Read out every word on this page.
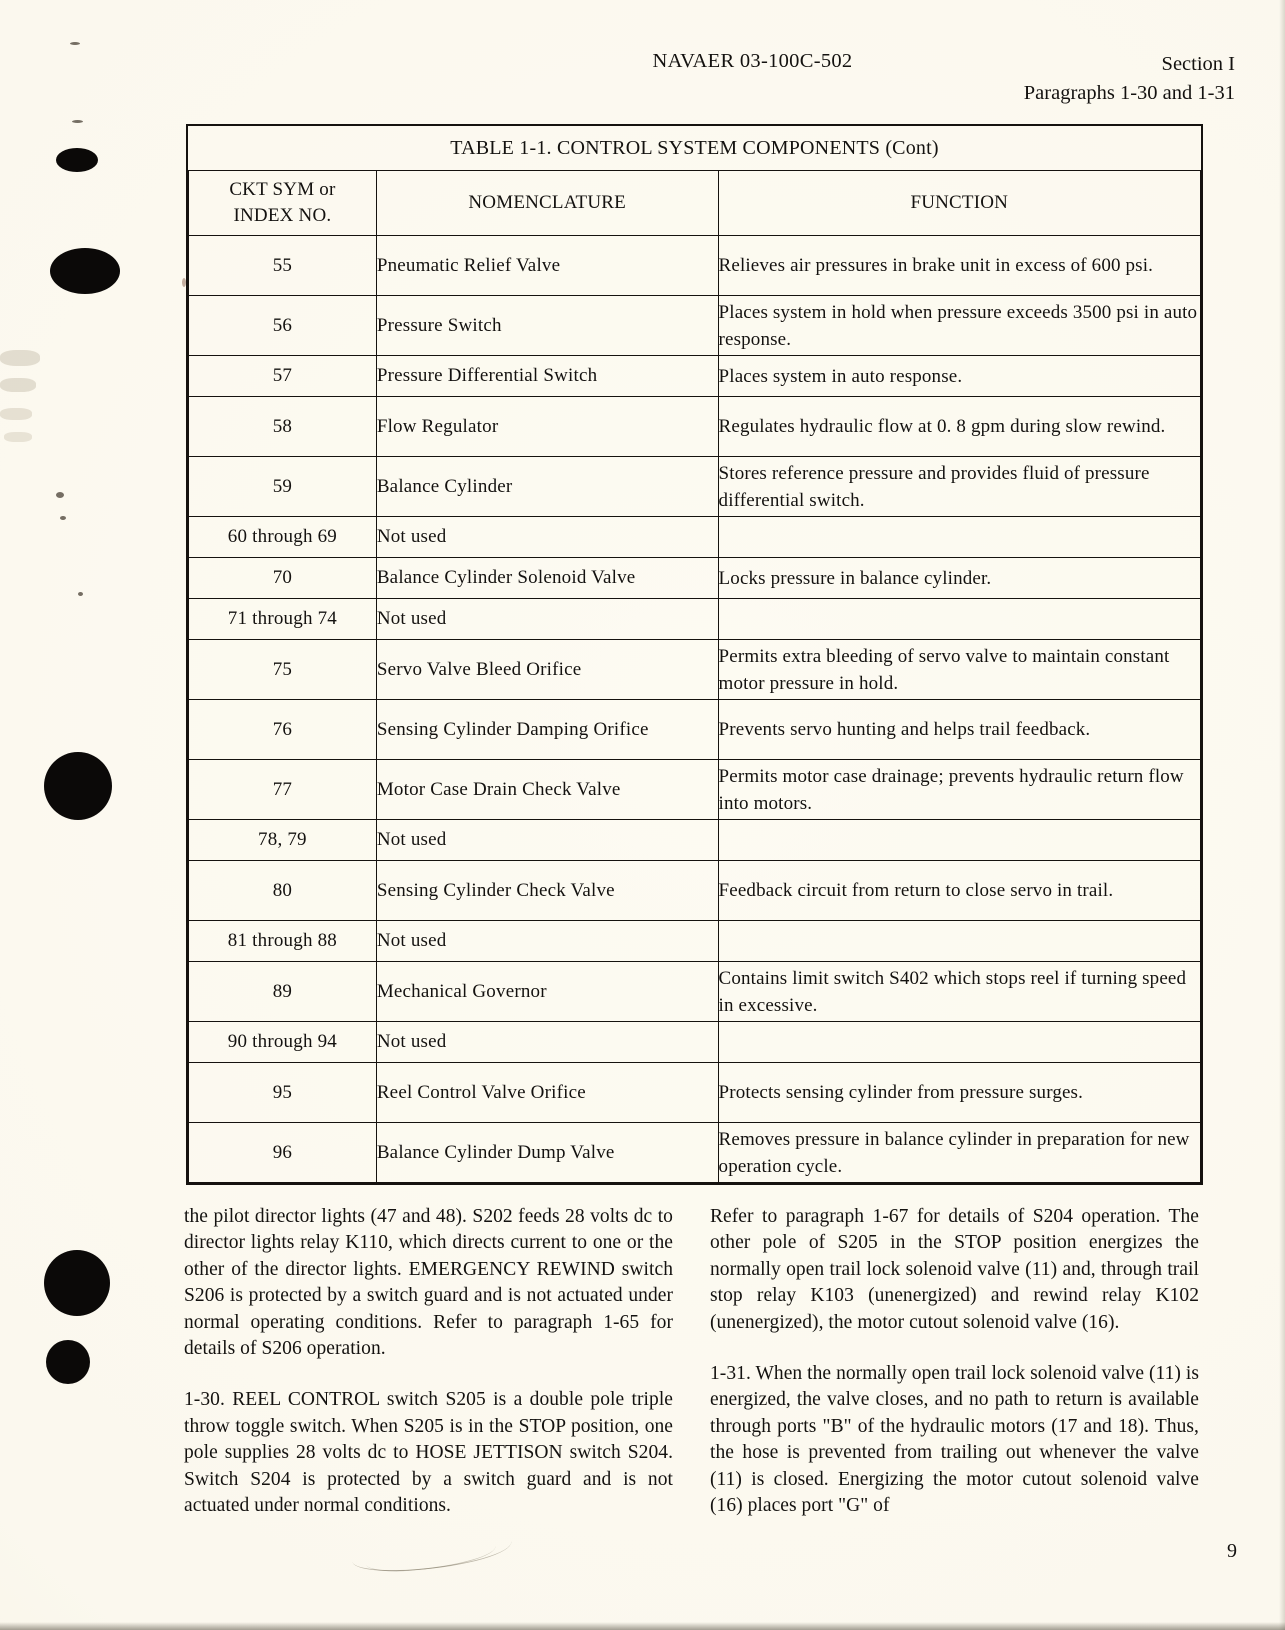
NAVAER 03-100C-502	Section I
Paragraphs 1-30 and 1-31
TABLE 1-1. CONTROL SYSTEM COMPONENTS (Cont)		

CKT SYM or
INDEX NO.	NOMENCLATURE	FUNCTION
55	Pneumatic Relief Valve	Relieves air pressures in brake unit in excess of 600 psi.
56	Pressure Switch	Places system in hold when pressure exceeds 3500 psi in auto response.
57	Pressure Differential Switch	Places system in auto response.
58	Flow Regulator	Regulates hydraulic flow at 0. 8 gpm during slow rewind.
59	Balance Cylinder	Stores reference pressure and provides fluid of pressure differential switch.
60 through 69	Not used	
70	Balance Cylinder Solenoid Valve	Locks pressure in balance cylinder.
71 through 74	Not used	
75	Servo Valve Bleed Orifice	Permits extra bleeding of servo valve to maintain constant motor pressure in hold.
76	Sensing Cylinder Damping Orifice	Prevents servo hunting and helps trail feedback.
77	Motor Case Drain Check Valve	Permits motor case drainage; prevents hydraulic return flow into motors.
78, 79	Not used	
80	Sensing Cylinder Check Valve	Feedback circuit from return to close servo in trail.
81 through 88	Not used	
89	Mechanical Governor	Contains limit switch S402 which stops reel if turning speed in excessive.
90 through 94	Not used	
95	Reel Control Valve Orifice	Protects sensing cylinder from pressure surges.
96	Balance Cylinder Dump Valve	Removes pressure in balance cylinder in preparation for new operation cycle.

the pilot director lights (47 and 48). S202 feeds 28 volts dc to director lights relay K110, which directs current to one or the other of the director lights. EMERGENCY REWIND switch S206 is protected by a switch guard and is not actuated under normal operating conditions. Refer to paragraph 1-65 for details of S206 operation.

1-30. REEL CONTROL switch S205 is a double pole triple throw toggle switch. When S205 is in the STOP position, one pole supplies 28 volts dc to HOSE JETTISON switch S204. Switch S204 is protected by a switch guard and is not actuated under normal conditions.

Refer to paragraph 1-67 for details of S204 operation. The other pole of S205 in the STOP position energizes the normally open trail lock solenoid valve (11) and, through trail stop relay K103 (unenergized) and rewind relay K102 (unenergized), the motor cutout solenoid valve (16).

1-31. When the normally open trail lock solenoid valve (11) is energized, the valve closes, and no path to return is available through ports "B" of the hydraulic motors (17 and 18). Thus, the hose is prevented from trailing out whenever the valve (11) is closed. Energizing the motor cutout solenoid valve (16) places port "G" of

9
